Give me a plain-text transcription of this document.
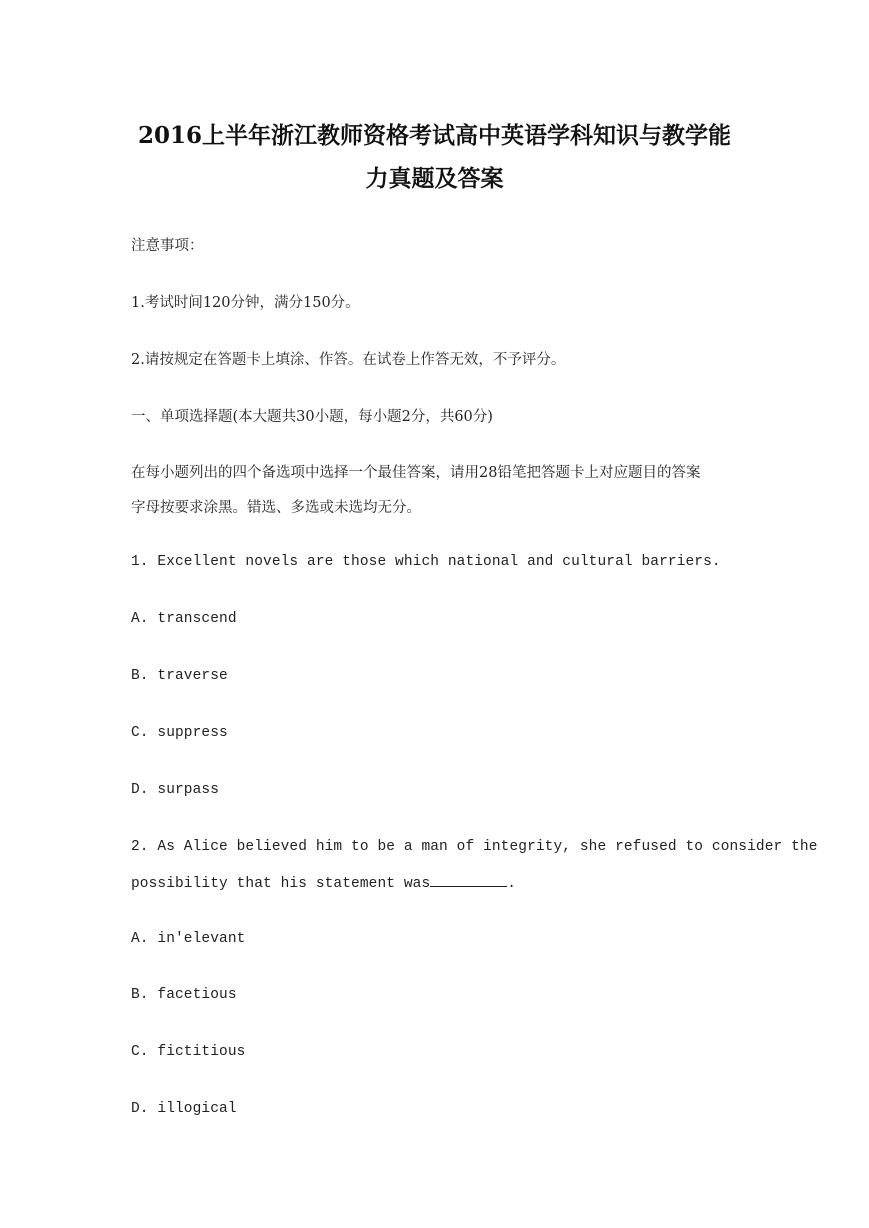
2016上半年浙江教师资格考试高中英语学科知识与教学能
力真题及答案
注意事项：
1.考试时间120分钟，满分150分。
2.请按规定在答题卡上填涂、作答。在试卷上作答无效，不予评分。
一、单项选择题(本大题共30小题，每小题2分，共60分)
在每小题列出的四个备选项中选择一个最佳答案，请用28铅笔把答题卡上对应题目的答案
字母按要求涂黑。错选、多选或未选均无分。
1. Excellent novels are those which national and cultural barriers.
A. transcend
B. traverse
C. suppress
D. surpass
2. As Alice believed him to be a man of integrity, she refused to consider the
possibility that his statement was	.
A. in'elevant
B. facetious
C. fictitious
D. illogical
